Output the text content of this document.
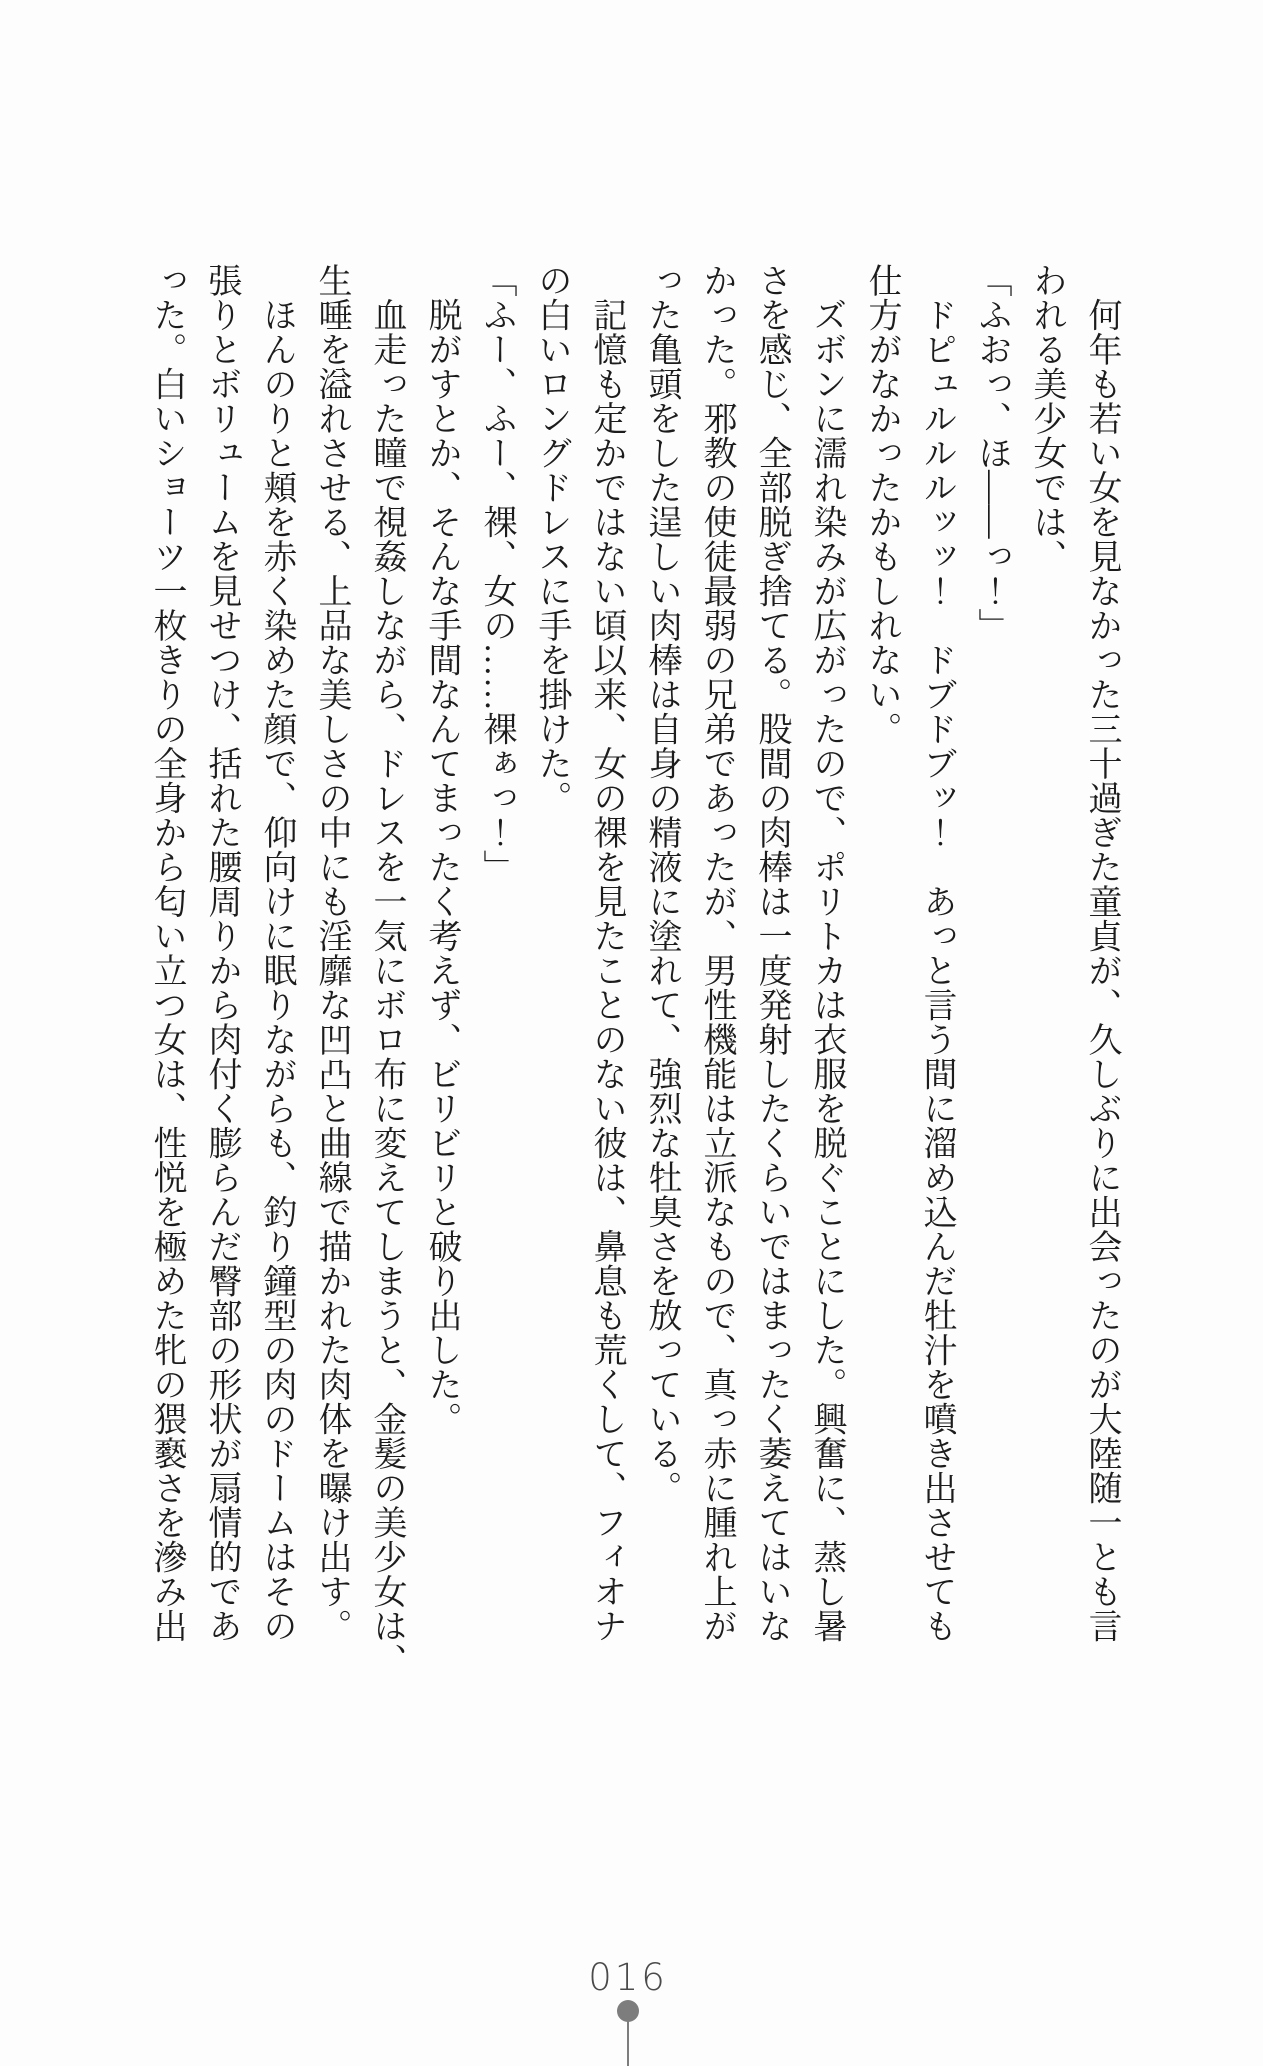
　何年も若い女を見なかった三十過ぎた童貞が、久しぶりに出会ったのが大陸随一とも言

われる美少女では、

「ふおっ、ほ――っ！」

　ドピュルルルッッ！　ドブドブッ！　あっと言う間に溜め込んだ牡汁を噴き出させても

仕方がなかったかもしれない。

　ズボンに濡れ染みが広がったので、ポリトカは衣服を脱ぐことにした。興奮に、蒸し暑

さを感じ、全部脱ぎ捨てる。股間の肉棒は一度発射したくらいではまったく萎えてはいな

かった。邪教の使徒最弱の兄弟であったが、男性機能は立派なもので、真っ赤に腫れ上が

った亀頭をした逞しい肉棒は自身の精液に塗れて、強烈な牡臭さを放っている。

　記憶も定かではない頃以来、女の裸を見たことのない彼は、鼻息も荒くして、フィオナ

の白いロングドレスに手を掛けた。

「ふー、ふー、裸、女の……裸ぁっ！」

　脱がすとか、そんな手間なんてまったく考えず、ビリビリと破り出した。

　血走った瞳で視姦しながら、ドレスを一気にボロ布に変えてしまうと、金髪の美少女は、

生唾を溢れさせる、上品な美しさの中にも淫靡な凹凸と曲線で描かれた肉体を曝け出す。

　ほんのりと頬を赤く染めた顔で、仰向けに眠りながらも、釣り鐘型の肉のドームはその

張りとボリュームを見せつけ、括れた腰周りから肉付く膨らんだ臀部の形状が扇情的であ

った。白いショーツ一枚きりの全身から匂い立つ女は、性悦を極めた牝の猥褻さを滲み出

016
